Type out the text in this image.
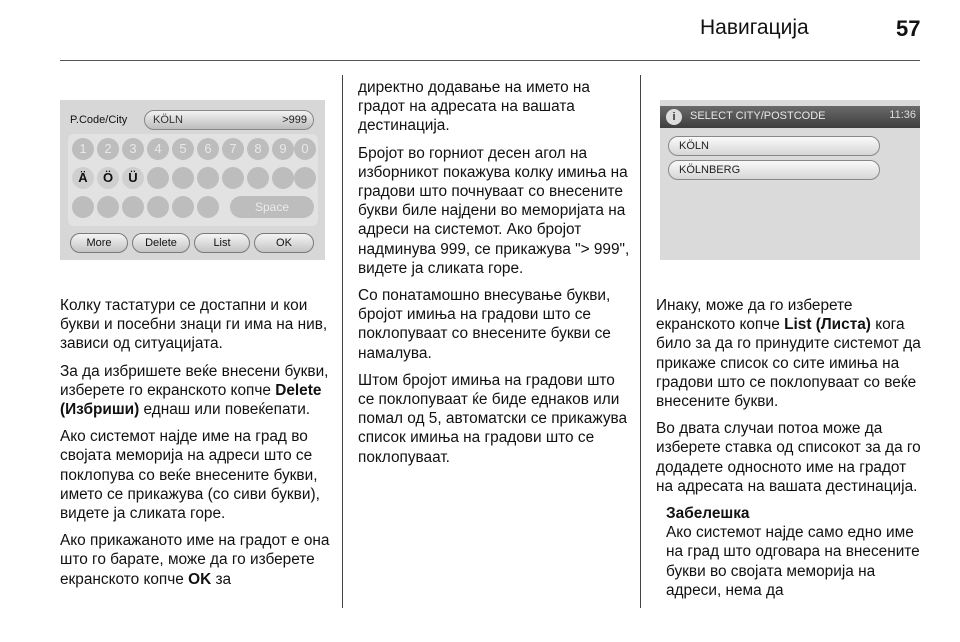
Навигација	57
P.Code/City KÖLN	>999
1	2	3	4	5	6	7	8	9	0
Ä	Ö	Ü
Space
More	Delete	List	OK
i	SELECT CITY/POSTCODE	11:36
KÖLN
KÖLNBERG

Колку тастатури се достапни и кои букви и посебни знаци ги има на нив, зависи од ситуацијата.

За да избришете веќе внесени букви, изберете го екранското копче Delete (Избриши) еднаш или повеќепати.

Ако системот најде име на град во својата меморија на адреси што се поклопува со веќе внесените букви, името се прикажува (со сиви букви), видете ја сликата горе.

Ако прикажаното име на градот е она што го барате, може да го изберете екранското копче OK за

директно додавање на името на градот на адресата на вашата дестинација.

Бројот во горниот десен агол на изборникот покажува колку имиња на градови што почнуваат со внесените букви биле најдени во меморијата на адреси на системот. Ако бројот надминува 999, се прикажува "> 999", видете ја сликата горе.

Со понатамошно внесување букви, бројот имиња на градови што се поклопуваат со внесените букви се намалува.

Штом бројот имиња на градови што се поклопуваат ќе биде еднаков или помал од 5, автоматски се прикажува список имиња на градови што се поклопуваат.

Инаку, може да го изберете екранското копче List (Листа) кога било за да го принудите системот да прикаже список со сите имиња на градови што се поклопуваат со веќе внесените букви.

Во двата случаи потоа може да изберете ставка од списокот за да го додадете односното име на градот на адресата на вашата дестинација.

Забелешка

Ако системот најде само едно име на град што одговара на внесените букви во својата меморија на адреси, нема да
